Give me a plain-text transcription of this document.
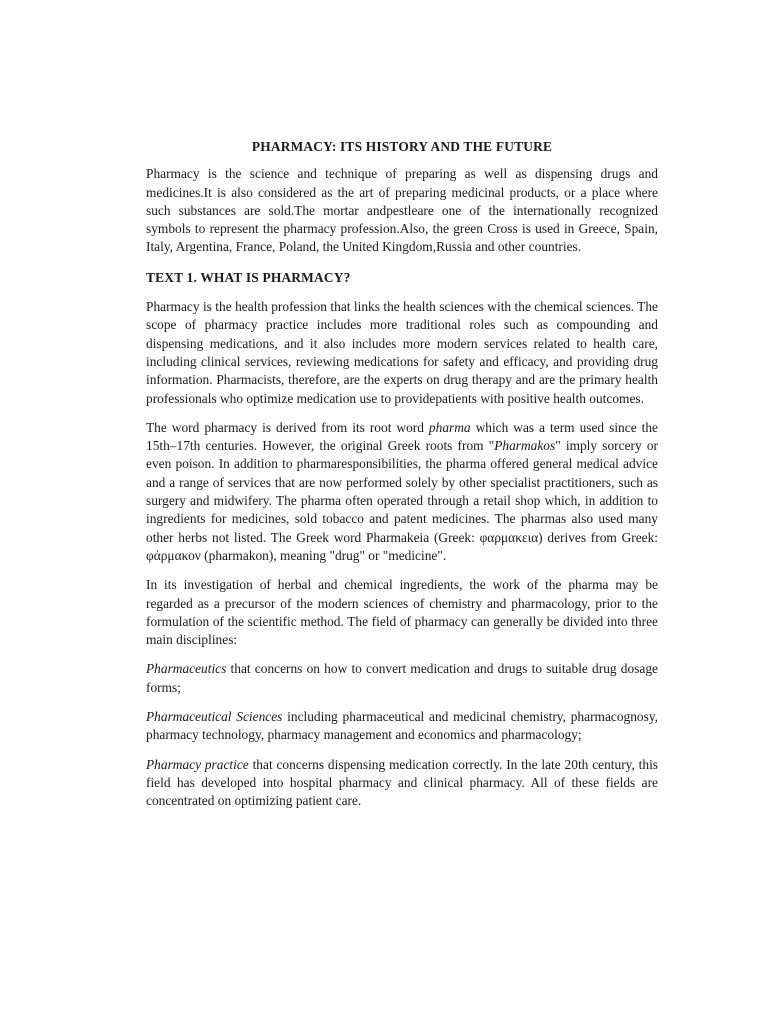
PHARMACY: ITS HISTORY AND THE FUTURE

Pharmacy is the science and technique of preparing as well as dispensing drugs and medicines.It is also considered as the art of preparing medicinal products, or a place where such substances are sold.The mortar andpestleare one of the internationally recognized symbols to represent the pharmacy profession.Also, the green Cross is used in Greece, Spain, Italy, Argentina, France, Poland, the United Kingdom,Russia and other countries.

TEXT 1. WHAT IS PHARMACY?

Pharmacy is the health profession that links the health sciences with the chemical sciences. The scope of pharmacy practice includes more traditional roles such as compounding and dispensing medications, and it also includes more modern services related to health care, including clinical services, reviewing medications for safety and efficacy, and providing drug information. Pharmacists, therefore, are the experts on drug therapy and are the primary health professionals who optimize medication use to providepatients with positive health outcomes.

The word pharmacy is derived from its root word pharma which was a term used since the 15th–17th centuries. However, the original Greek roots from "Pharmakos" imply sorcery or even poison. In addition to pharmaresponsibilities, the pharma offered general medical advice and a range of services that are now performed solely by other specialist practitioners, such as surgery and midwifery. The pharma often operated through a retail shop which, in addition to ingredients for medicines, sold tobacco and patent medicines. The pharmas also used many other herbs not listed. The Greek word Pharmakeia (Greek: φαρμακεια) derives from Greek: φάρμακον (pharmakon), meaning "drug" or "medicine".

In its investigation of herbal and chemical ingredients, the work of the pharma may be regarded as a precursor of the modern sciences of chemistry and pharmacology, prior to the formulation of the scientific method. The field of pharmacy can generally be divided into three main disciplines:

Pharmaceutics that concerns on how to convert medication and drugs to suitable drug dosage forms;

Pharmaceutical Sciences including pharmaceutical and medicinal chemistry, pharmacognosy, pharmacy technology, pharmacy management and economics and pharmacology;

Pharmacy practice that concerns dispensing medication correctly. In the late 20th century, this field has developed into hospital pharmacy and clinical pharmacy. All of these fields are concentrated on optimizing patient care.
